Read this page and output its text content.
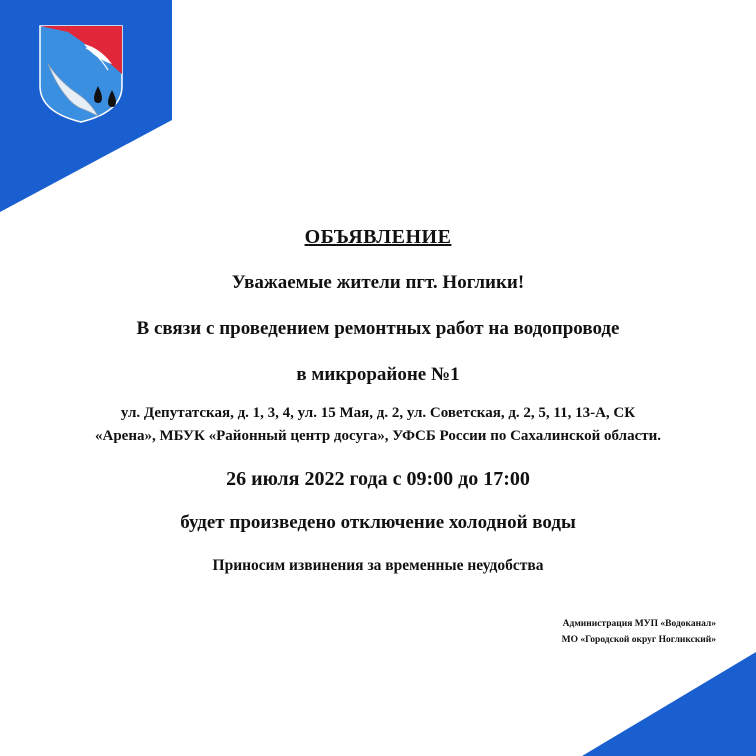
ОБЪЯВЛЕНИЕ
Уважаемые жители пгт. Ноглики!
В связи с проведением ремонтных работ на водопроводе
в микрорайоне №1
ул. Депутатская, д. 1, 3, 4, ул. 15 Мая, д. 2, ул. Советская, д. 2, 5, 11, 13-А, СК
«Арена», МБУК «Районный центр досуга», УФСБ России по Сахалинской области.
26 июля 2022 года с 09:00 до 17:00
будет произведено отключение холодной воды
Приносим извинения за временные неудобства
Администрация МУП «Водоканал»
МО «Городской округ Ногликский»
